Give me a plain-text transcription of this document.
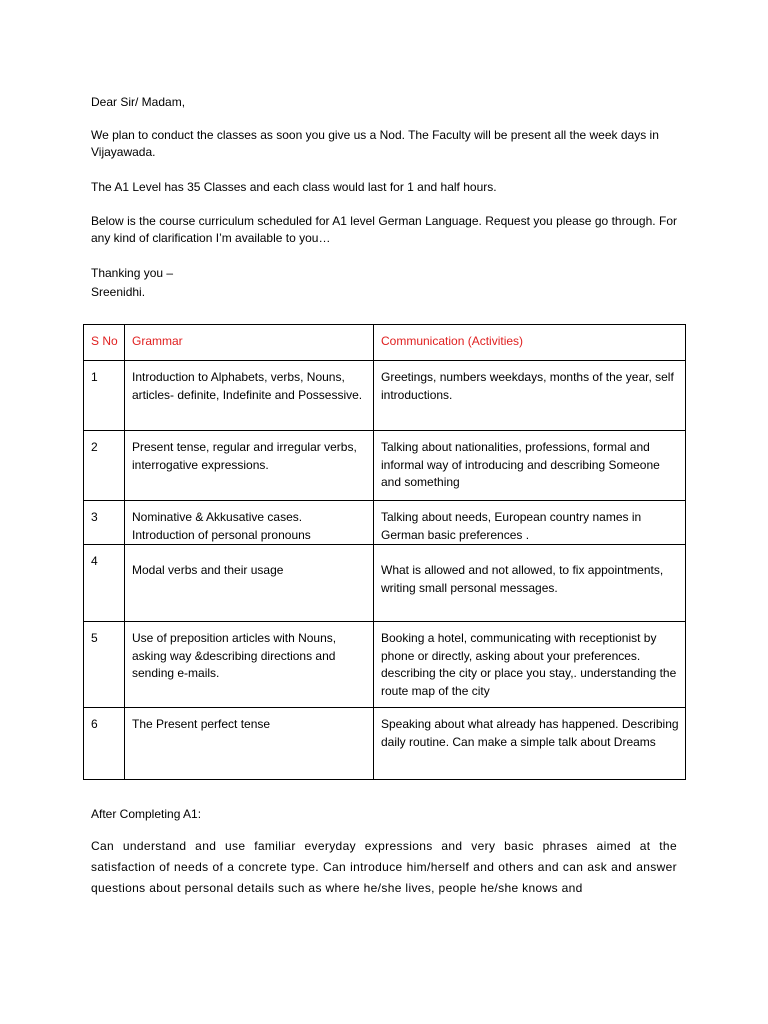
Dear Sir/ Madam,

We plan to conduct the classes as soon you give us a Nod. The Faculty will be present all the week days in Vijayawada.

The A1 Level has 35 Classes and each class would last for 1 and half hours.

Below is the course curriculum scheduled for A1 level German Language. Request you please go through. For any kind of clarification I’m available to you…

Thanking you –

Sreenidhi.

S No	Grammar	Communication (Activities)
1	Introduction to Alphabets, verbs, Nouns, articles- definite, Indefinite and Possessive.	Greetings, numbers weekdays, months of the year, self introductions.
2	Present tense, regular and irregular verbs, interrogative expressions.	Talking about nationalities, professions, formal and informal way of introducing and describing Someone and something
3	Nominative & Akkusative cases. Introduction of personal pronouns	Talking about needs, European country names in German basic preferences .
4	Modal verbs and their usage	What is allowed and not allowed, to fix appointments, writing small personal messages.
5	Use of preposition articles with Nouns, asking way &describing directions and sending e-mails.	Booking a hotel, communicating with receptionist by phone or directly, asking about your preferences. describing the city or place you stay,. understanding the route map of the city
6	The Present perfect tense	Speaking about what already has happened. Describing daily routine. Can make a simple talk about Dreams

After Completing A1:

Can understand and use familiar everyday expressions and very basic phrases aimed at the satisfaction of needs of a concrete type. Can introduce him/herself and others and can ask and answer questions about personal details such as where he/she lives, people he/she knows and
